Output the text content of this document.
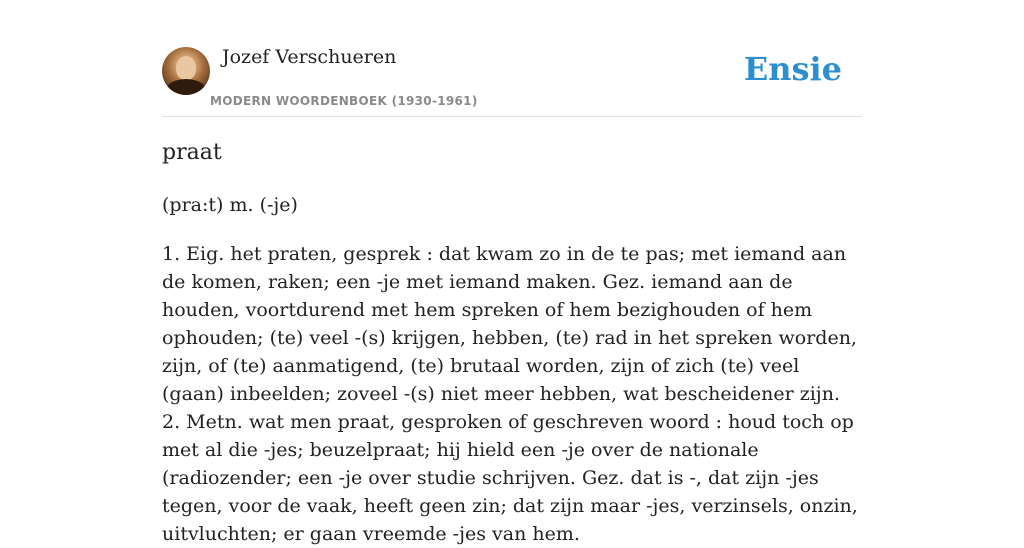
Jozef Verschueren
MODERN WOORDENBOEK (1930-1961)
Ensie
praat
(pra:t) m. (-je)

1. Eig. het praten, gesprek : dat kwam zo in de te pas; met iemand aan de komen, raken; een -je met iemand maken. Gez. iemand aan de houden, voortdurend met hem spreken of hem bezighouden of hem ophouden; (te) veel -(s) krijgen, hebben, (te) rad in het spreken worden, zijn, of (te) aanmatigend, (te) brutaal worden, zijn of zich (te) veel (gaan) inbeelden; zoveel -(s) niet meer hebben, wat bescheidener zijn.

2. Metn. wat men praat, gesproken of geschreven woord : houd toch op met al die -jes; beuzelpraat; hij hield een -je over de nationale (radiozender; een -je over studie schrijven. Gez. dat is -, dat zijn -jes tegen, voor de vaak, heeft geen zin; dat zijn maar -jes, verzinsels, onzin, uitvluchten; er gaan vreemde -jes van hem.
